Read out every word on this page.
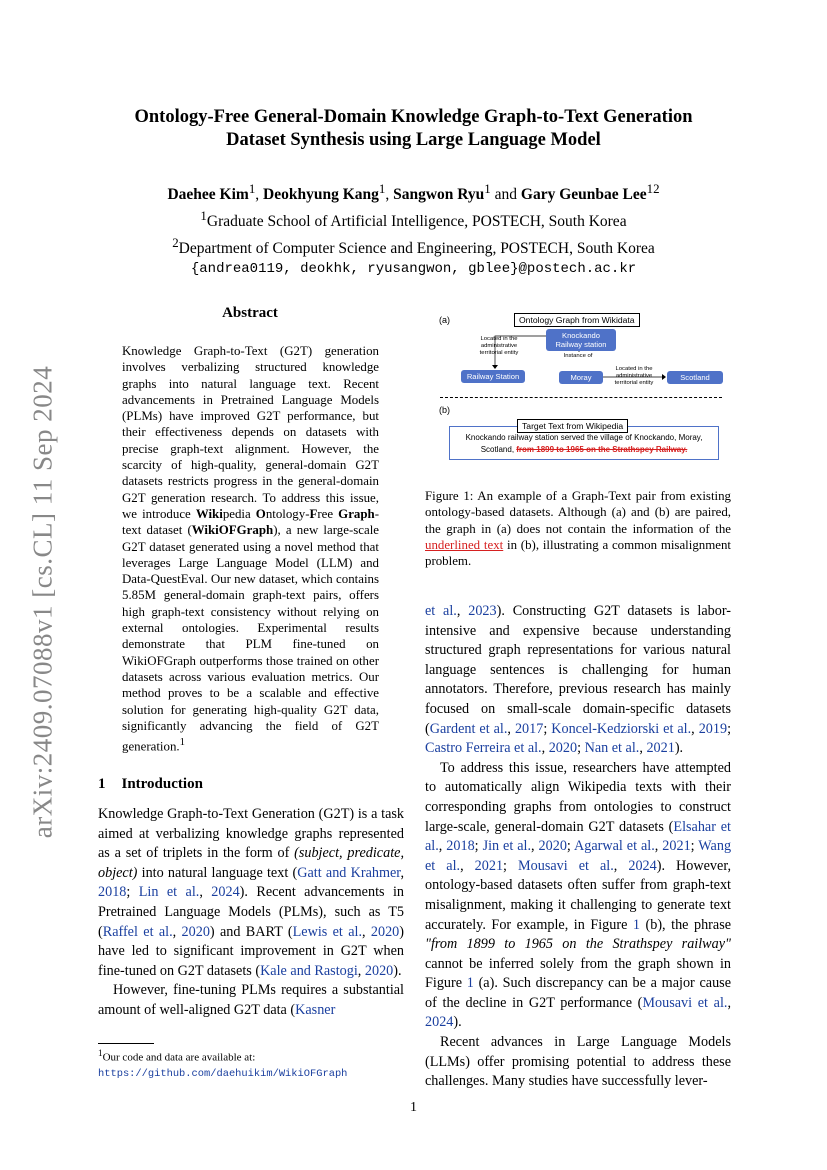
arXiv:2409.07088v1 [cs.CL] 11 Sep 2024
Ontology-Free General-Domain Knowledge Graph-to-Text Generation
Dataset Synthesis using Large Language Model
Daehee Kim$^1$, Deokhyung Kang$^1$, Sangwon Ryu$^1$ and Gary Geunbae Lee$^{12}$
$^1$Graduate School of Artificial Intelligence, POSTECH, South Korea
$^2$Department of Computer Science and Engineering, POSTECH, South Korea
{andrea0119, deokhk, ryusangwon, gblee}@postech.ac.kr
Abstract
Knowledge Graph-to-Text (G2T) generation involves verbalizing structured knowledge graphs into natural language text. Recent advancements in Pretrained Language Models (PLMs) have improved G2T performance, but their effectiveness depends on datasets with precise graph-text alignment. However, the scarcity of high-quality, general-domain G2T datasets restricts progress in the general-domain G2T generation research. To address this issue, we introduce Wikipedia Ontology-Free Graph-text dataset (WikiOFGraph), a new large-scale G2T dataset generated using a novel method that leverages Large Language Model (LLM) and Data-QuestEval. Our new dataset, which contains 5.85M general-domain graph-text pairs, offers high graph-text consistency without relying on external ontologies. Experimental results demonstrate that PLM fine-tuned on WikiOFGraph outperforms those trained on other datasets across various evaluation metrics. Our method proves to be a scalable and effective solution for generating high-quality G2T data, significantly advancing the field of G2T generation.$^1$
1 Introduction

Knowledge Graph-to-Text Generation (G2T) is a task aimed at verbalizing knowledge graphs represented as a set of triplets in the form of (subject, predicate, object) into natural language text (Gatt and Krahmer, 2018; Lin et al., 2024). Recent advancements in Pretrained Language Models (PLMs), such as T5 (Raffel et al., 2020) and BART (Lewis et al., 2020) have led to significant improvement in G2T when fine-tuned on G2T datasets (Kale and Rastogi, 2020).

However, fine-tuning PLMs requires a substantial amount of well-aligned G2T data (Kasner

$^1$Our code and data are available at: https://github.com/daehuikim/WikiOFGraph
1
(a)	Ontology Graph from Wikidata
Knockando Railway station
Located in the administrative territorial entity	Instance of
Located in the administrative territorial entity
Railway Station	Moray	Scotland
(b)
Knockando railway station served the village of Knockando, Moray, Scotland, from 1899 to 1965 on the Strathspey Railway.
Target Text from Wikipedia
Figure 1: An example of a Graph-Text pair from existing ontology-based datasets. Although (a) and (b) are paired, the graph in (a) does not contain the information of the underlined text in (b), illustrating a common misalignment problem.

et al., 2023). Constructing G2T datasets is labor-intensive and expensive because understanding structured graph representations for various natural language sentences is challenging for human annotators. Therefore, previous research has mainly focused on small-scale domain-specific datasets (Gardent et al., 2017; Koncel-Kedziorski et al., 2019; Castro Ferreira et al., 2020; Nan et al., 2021).

To address this issue, researchers have attempted to automatically align Wikipedia texts with their corresponding graphs from ontologies to construct large-scale, general-domain G2T datasets (Elsahar et al., 2018; Jin et al., 2020; Agarwal et al., 2021; Wang et al., 2021; Mousavi et al., 2024). However, ontology-based datasets often suffer from graph-text misalignment, making it challenging to generate text accurately. For example, in Figure 1 (b), the phrase "from 1899 to 1965 on the Strathspey railway" cannot be inferred solely from the graph shown in Figure 1 (a). Such discrepancy can be a major cause of the decline in G2T performance (Mousavi et al., 2024).

Recent advances in Large Language Models (LLMs) offer promising potential to address these challenges. Many studies have successfully lever-
